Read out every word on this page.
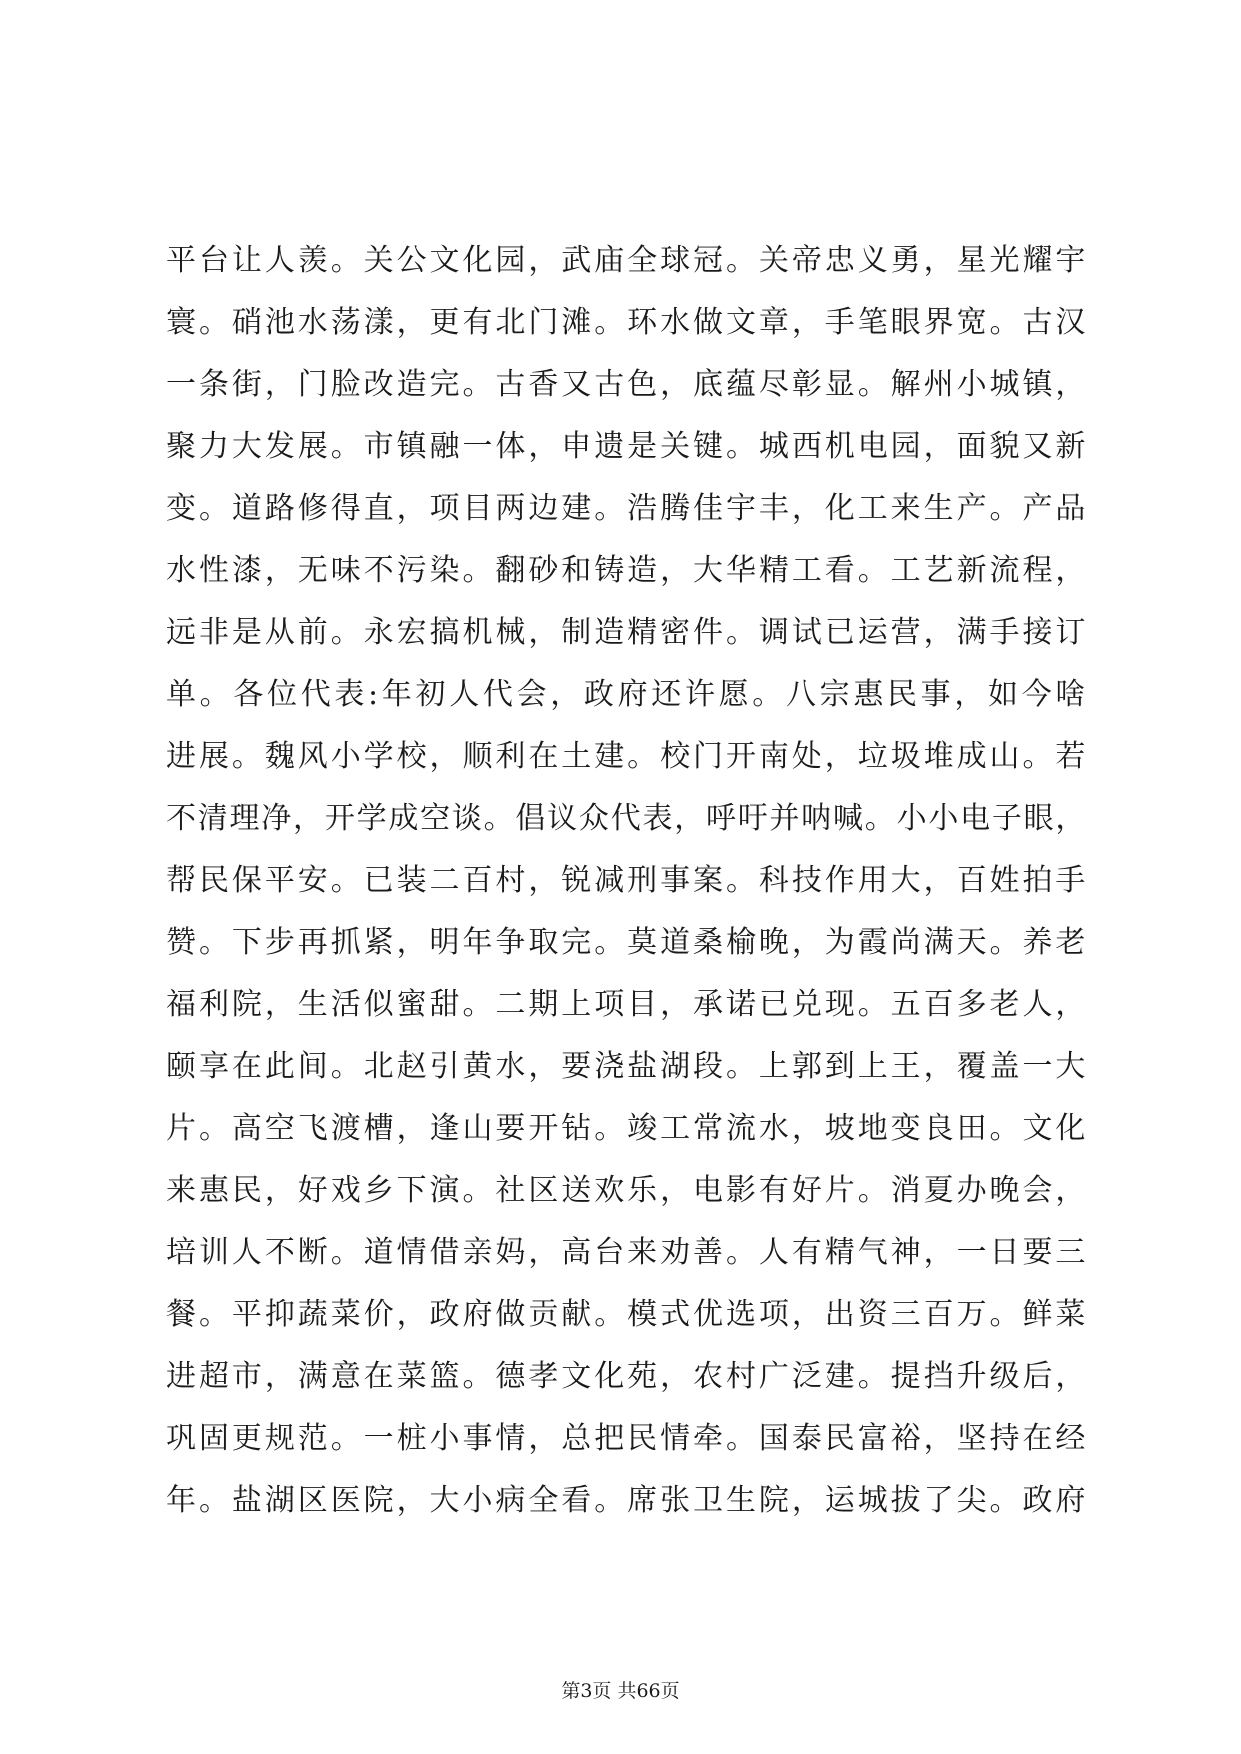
平台让人羡。关公文化园，武庙全球冠。关帝忠义勇，星光耀宇
寰。硝池水荡漾，更有北门滩。环水做文章，手笔眼界宽。古汉
一条街，门脸改造完。古香又古色，底蕴尽彰显。解州小城镇，
聚力大发展。市镇融一体，申遗是关键。城西机电园，面貌又新
变。道路修得直，项目两边建。浩腾佳宇丰，化工来生产。产品
水性漆，无味不污染。翻砂和铸造，大华精工看。工艺新流程，
远非是从前。永宏搞机械，制造精密件。调试已运营，满手接订
单。各位代表:年初人代会，政府还许愿。八宗惠民事，如今啥
进展。魏风小学校，顺利在土建。校门开南处，垃圾堆成山。若
不清理净，开学成空谈。倡议众代表，呼吁并呐喊。小小电子眼，
帮民保平安。已装二百村，锐减刑事案。科技作用大，百姓拍手
赞。下步再抓紧，明年争取完。莫道桑榆晚，为霞尚满天。养老
福利院，生活似蜜甜。二期上项目，承诺已兑现。五百多老人，
颐享在此间。北赵引黄水，要浇盐湖段。上郭到上王，覆盖一大
片。高空飞渡槽，逢山要开钻。竣工常流水，坡地变良田。文化
来惠民，好戏乡下演。社区送欢乐，电影有好片。消夏办晚会，
培训人不断。道情借亲妈，高台来劝善。人有精气神，一日要三
餐。平抑蔬菜价，政府做贡献。模式优选项，出资三百万。鲜菜
进超市，满意在菜篮。德孝文化苑，农村广泛建。提挡升级后，
巩固更规范。一桩小事情，总把民情牵。国泰民富裕，坚持在经
年。盐湖区医院，大小病全看。席张卫生院，运城拔了尖。政府
第3页 共66页
